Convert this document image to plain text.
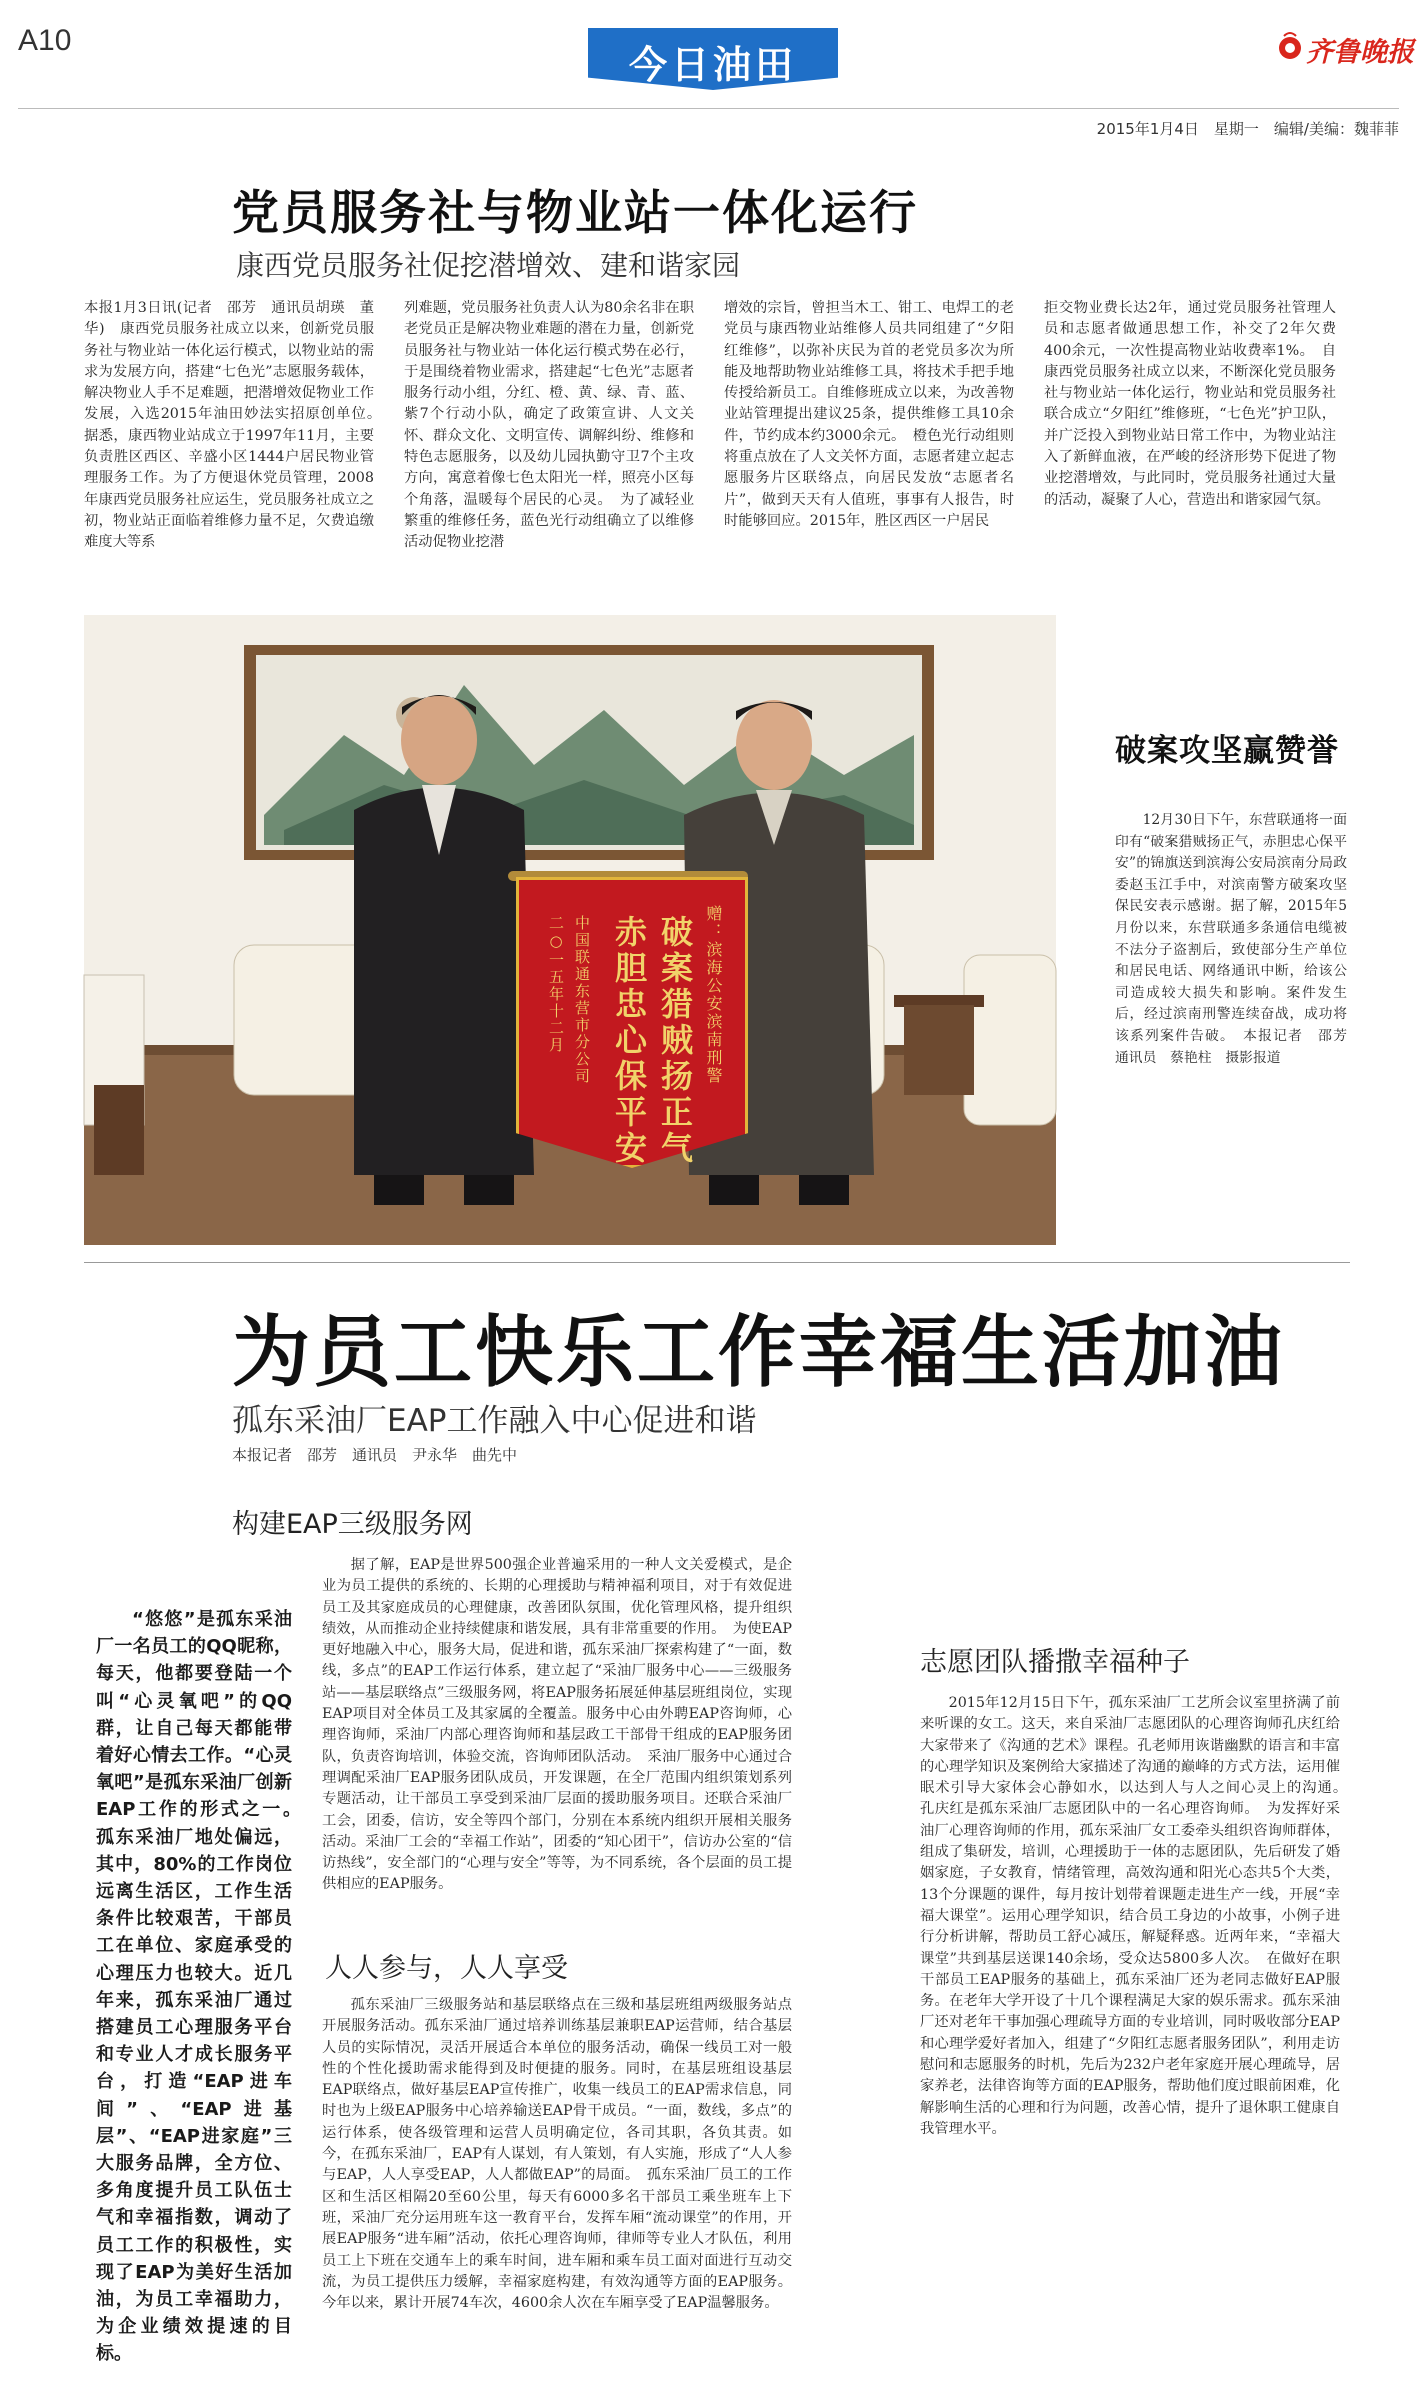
A10
今日油田	齐鲁晚报
2015年1月4日　星期一　编辑/美编：魏菲菲
党员服务社与物业站一体化运行
康西党员服务社促挖潜增效、建和谐家园

本报1月3日讯(记者　邵芳　通讯员胡瑛　董华)　康西党员服务社成立以来，创新党员服务社与物业站一体化运行模式，以物业站的需求为发展方向，搭建“七色光”志愿服务载体，解决物业人手不足难题，把潜增效促物业工作发展，入选2015年油田妙法实招原创单位。　据悉，康西物业站成立于1997年11月，主要负责胜区西区、辛盛小区1444户居民物业管理服务工作。为了方便退休党员管理，2008年康西党员服务社应运生，党员服务社成立之初，物业站正面临着维修力量不足，欠费追缴难度大等系

列难题，党员服务社负责人认为80余名非在职老党员正是解决物业难题的潜在力量，创新党员服务社与物业站一体化运行模式势在必行，于是围绕着物业需求，搭建起“七色光”志愿者服务行动小组，分红、橙、黄、绿、青、蓝、紫7个行动小队，确定了政策宣讲、人文关怀、群众文化、文明宣传、调解纠纷、维修和特色志愿服务，以及幼儿园执勤守卫7个主攻方向，寓意着像七色太阳光一样，照亮小区每个角落，温暖每个居民的心灵。　为了减轻业繁重的维修任务，蓝色光行动组确立了以维修活动促物业挖潜

增效的宗旨，曾担当木工、钳工、电焊工的老党员与康西物业站维修人员共同组建了“夕阳红维修”，以弥补庆民为首的老党员多次为所能及地帮助物业站维修工具，将技术手把手地传授给新员工。自维修班成立以来，为改善物业站管理提出建议25条，提供维修工具10余件，节约成本约3000余元。　橙色光行动组则将重点放在了人文关怀方面，志愿者建立起志愿服务片区联络点，向居民发放“志愿者名片”，做到天天有人值班，事事有人报告，时时能够回应。2015年，胜区西区一户居民

拒交物业费长达2年，通过党员服务社管理人员和志愿者做通思想工作，补交了2年欠费400余元，一次性提高物业站收费率1%。　自康西党员服务社成立以来，不断深化党员服务社与物业站一体化运行，物业站和党员服务社联合成立“夕阳红”维修班，“七色光”护卫队，并广泛投入到物业站日常工作中，为物业站注入了新鲜血液，在严峻的经济形势下促进了物业挖潜增效，与此同时，党员服务社通过大量的活动，凝聚了人心，营造出和谐家园气氛。

赠：滨海公安滨南刑警
破案猎贼扬正气
赤胆忠心保平安
中国联通东营市分公司
二○一五年十二月
破案攻坚赢赞誉

12月30日下午，东营联通将一面印有“破案猎贼扬正气，赤胆忠心保平安”的锦旗送到滨海公安局滨南分局政委赵玉江手中，对滨南警方破案攻坚保民安表示感谢。据了解，2015年5月份以来，东营联通多条通信电缆被不法分子盗割后，致使部分生产单位和居民电话、网络通讯中断，给该公司造成较大损失和影响。案件发生后，经过滨南刑警连续奋战，成功将该系列案件告破。　本报记者　邵芳　通讯员　蔡艳柱　摄影报道

为员工快乐工作幸福生活加油
孤东采油厂EAP工作融入中心促进和谐
本报记者　邵芳　通讯员　尹永华　曲先中
构建EAP三级服务网

“悠悠”是孤东采油厂一名员工的QQ昵称，每天，他都要登陆一个叫“心灵氧吧”的QQ群，让自己每天都能带着好心情去工作。“心灵氧吧”是孤东采油厂创新EAP工作的形式之一。　孤东采油厂地处偏远，其中，80%的工作岗位远离生活区，工作生活条件比较艰苦，干部员工在单位、家庭承受的心理压力也较大。近几年来，孤东采油厂通过搭建员工心理服务平台和专业人才成长服务平台，打造“EAP进车间”、“EAP进基层”、“EAP进家庭”三大服务品牌，全方位、多角度提升员工队伍士气和幸福指数，调动了员工工作的积极性，实现了EAP为美好生活加油，为员工幸福助力，为企业绩效提速的目标。

据了解，EAP是世界500强企业普遍采用的一种人文关爱模式，是企业为员工提供的系统的、长期的心理援助与精神福利项目，对于有效促进员工及其家庭成员的心理健康，改善团队氛围，优化管理风格，提升组织绩效，从而推动企业持续健康和谐发展，具有非常重要的作用。　为使EAP更好地融入中心，服务大局，促进和谐，孤东采油厂探索构建了“一面，数线，多点”的EAP工作运行体系，建立起了“采油厂服务中心——三级服务站——基层联络点”三级服务网，将EAP服务拓展延伸基层班组岗位，实现EAP项目对全体员工及其家属的全覆盖。服务中心由外聘EAP咨询师，心理咨询师，采油厂内部心理咨询师和基层政工干部骨干组成的EAP服务团队，负责咨询培训，体验交流，咨询师团队活动。　采油厂服务中心通过合理调配采油厂EAP服务团队成员，开发课题，在全厂范围内组织策划系列专题活动，让干部员工享受到采油厂层面的援助服务项目。还联合采油厂工会，团委，信访，安全等四个部门，分别在本系统内组织开展相关服务活动。采油厂工会的“幸福工作站”，团委的“知心团干”，信访办公室的“信访热线”，安全部门的“心理与安全”等等，为不同系统，各个层面的员工提供相应的EAP服务。

人人参与，人人享受

孤东采油厂三级服务站和基层联络点在三级和基层班组两级服务站点开展服务活动。孤东采油厂通过培养训练基层兼职EAP运营师，结合基层人员的实际情况，灵活开展适合本单位的服务活动，确保一线员工对一般性的个性化援助需求能得到及时便捷的服务。同时，在基层班组设基层EAP联络点，做好基层EAP宣传推广，收集一线员工的EAP需求信息，同时也为上级EAP服务中心培养输送EAP骨干成员。“一面，数线，多点”的运行体系，使各级管理和运营人员明确定位，各司其职，各负其责。如今，在孤东采油厂，EAP有人谋划，有人策划，有人实施，形成了“人人参与EAP，人人享受EAP，人人都做EAP”的局面。　孤东采油厂员工的工作区和生活区相隔20至60公里，每天有6000多名干部员工乘坐班车上下班，采油厂充分运用班车这一教育平台，发挥车厢“流动课堂”的作用，开展EAP服务“进车厢”活动，依托心理咨询师，律师等专业人才队伍，利用员工上下班在交通车上的乘车时间，进车厢和乘车员工面对面进行互动交流，为员工提供压力缓解，幸福家庭构建，有效沟通等方面的EAP服务。今年以来，累计开展74车次，4600余人次在车厢享受了EAP温馨服务。

志愿团队播撒幸福种子

2015年12月15日下午，孤东采油厂工艺所会议室里挤满了前来听课的女工。这天，来自采油厂志愿团队的心理咨询师孔庆红给大家带来了《沟通的艺术》课程。孔老师用诙谐幽默的语言和丰富的心理学知识及案例给大家描述了沟通的巅峰的方式方法，运用催眠术引导大家体会心静如水，以达到人与人之间心灵上的沟通。　孔庆红是孤东采油厂志愿团队中的一名心理咨询师。　为发挥好采油厂心理咨询师的作用，孤东采油厂女工委牵头组织咨询师群体，组成了集研发，培训，心理援助于一体的志愿团队，先后研发了婚姻家庭，子女教育，情绪管理，高效沟通和阳光心态共5个大类，13个分课题的课件，每月按计划带着课题走进生产一线，开展“幸福大课堂”。运用心理学知识，结合员工身边的小故事，小例子进行分析讲解，帮助员工舒心减压，解疑释惑。近两年来，“幸福大课堂”共到基层送课140余场，受众达5800多人次。　在做好在职干部员工EAP服务的基础上，孤东采油厂还为老同志做好EAP服务。在老年大学开设了十几个课程满足大家的娱乐需求。孤东采油厂还对老年干事加强心理疏导方面的专业培训，同时吸收部分EAP和心理学爱好者加入，组建了“夕阳红志愿者服务团队”，利用走访慰问和志愿服务的时机，先后为232户老年家庭开展心理疏导，居家养老，法律咨询等方面的EAP服务，帮助他们度过眼前困难，化解影响生活的心理和行为问题，改善心情，提升了退休职工健康自我管理水平。
